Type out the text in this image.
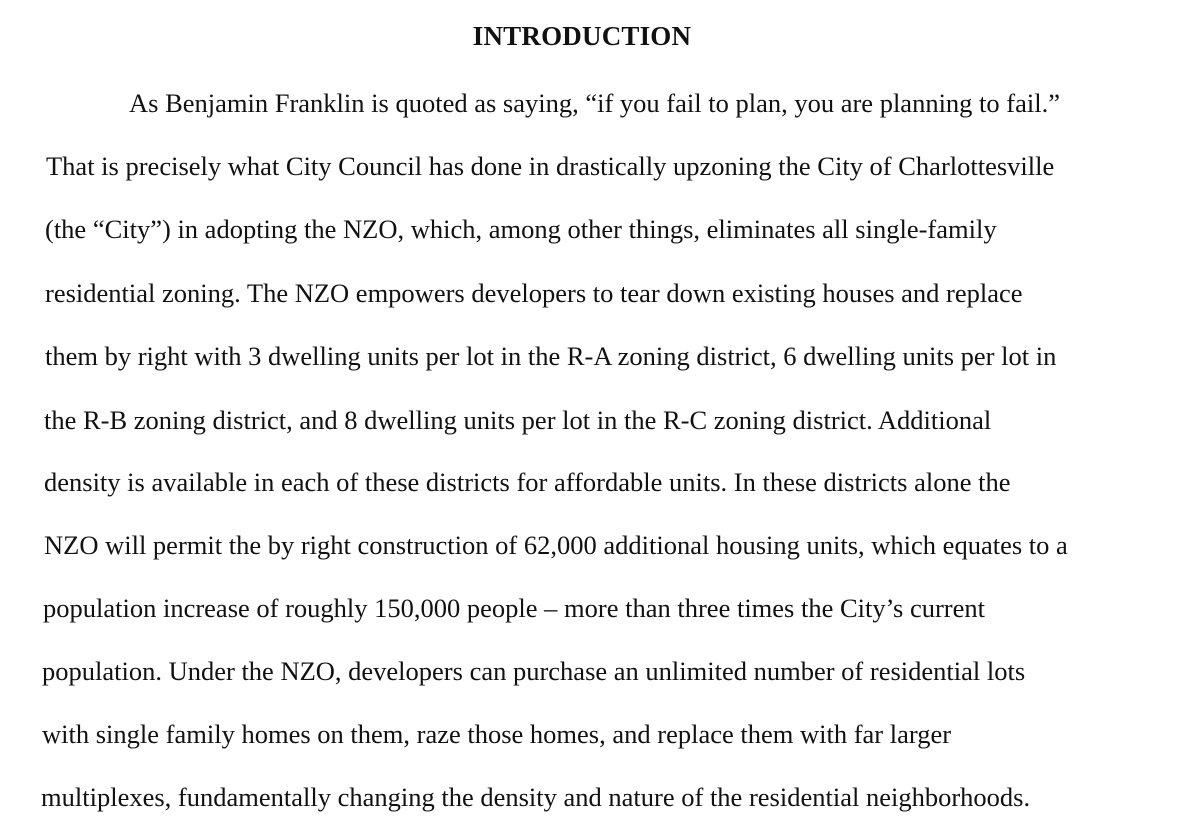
INTRODUCTION

As Benjamin Franklin is quoted as saying, “if you fail to plan, you are planning to fail.”

That is precisely what City Council has done in drastically upzoning the City of Charlottesville

(the “City”) in adopting the NZO, which, among other things, eliminates all single-family

residential zoning. The NZO empowers developers to tear down existing houses and replace

them by right with 3 dwelling units per lot in the R-A zoning district, 6 dwelling units per lot in

the R-B zoning district, and 8 dwelling units per lot in the R-C zoning district. Additional

density is available in each of these districts for affordable units. In these districts alone the

NZO will permit the by right construction of 62,000 additional housing units, which equates to a

population increase of roughly 150,000 people – more than three times the City’s current

population. Under the NZO, developers can purchase an unlimited number of residential lots

with single family homes on them, raze those homes, and replace them with far larger

multiplexes, fundamentally changing the density and nature of the residential neighborhoods.
